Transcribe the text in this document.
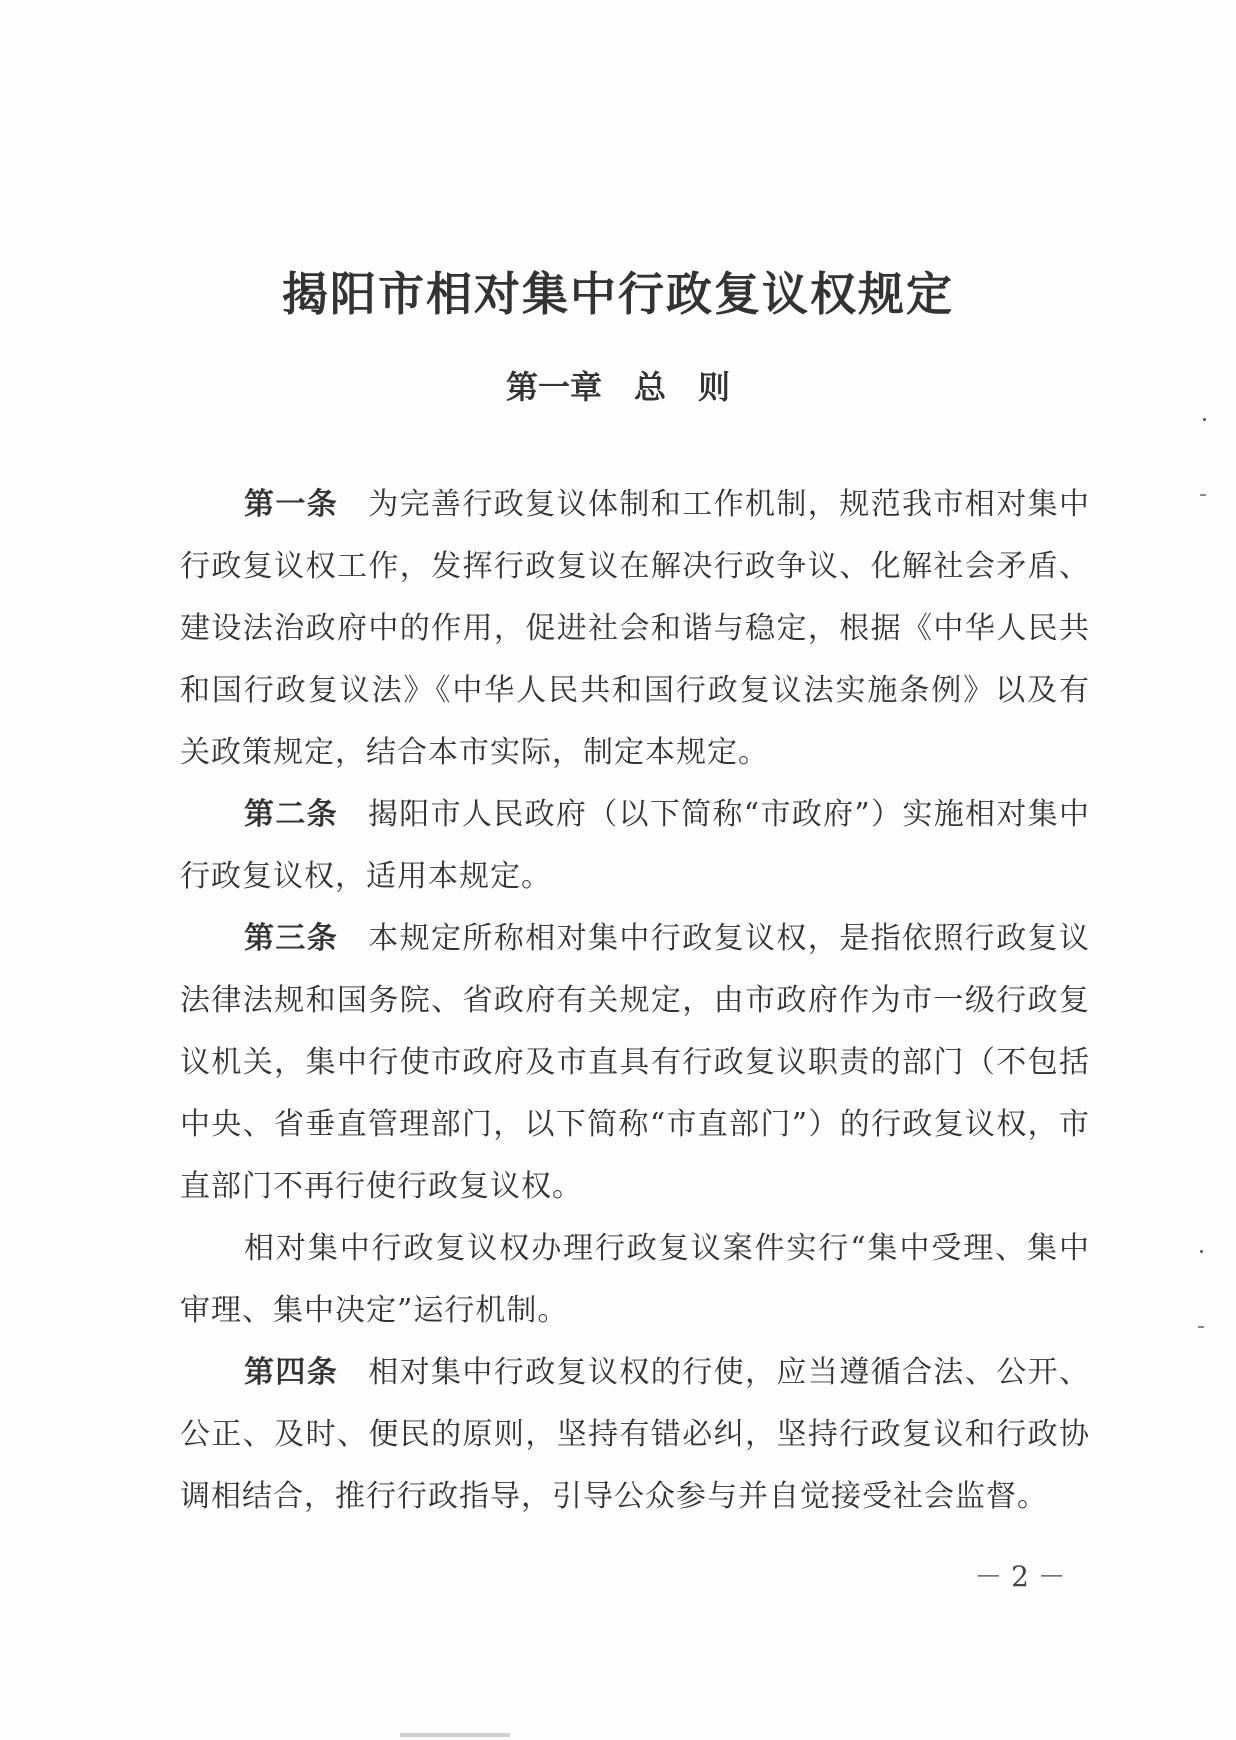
揭阳市相对集中行政复议权规定
第一章　总　则

第一条 为完善行政复议体制和工作机制，规范我市相对集中行政复议权工作，发挥行政复议在解决行政争议、化解社会矛盾、建设法治政府中的作用，促进社会和谐与稳定，根据《中华人民共和国行政复议法》《中华人民共和国行政复议法实施条例》以及有关政策规定，结合本市实际，制定本规定。

第二条 揭阳市人民政府（以下简称“市政府”）实施相对集中行政复议权，适用本规定。

第三条 本规定所称相对集中行政复议权，是指依照行政复议法律法规和国务院、省政府有关规定，由市政府作为市一级行政复议机关，集中行使市政府及市直具有行政复议职责的部门（不包括中央、省垂直管理部门，以下简称“市直部门”）的行政复议权，市直部门不再行使行政复议权。

相对集中行政复议权办理行政复议案件实行“集中受理、集中审理、集中决定”运行机制。

第四条 相对集中行政复议权的行使，应当遵循合法、公开、公正、及时、便民的原则，坚持有错必纠，坚持行政复议和行政协调相结合，推行行政指导，引导公众参与并自觉接受社会监督。

－ 2 －
